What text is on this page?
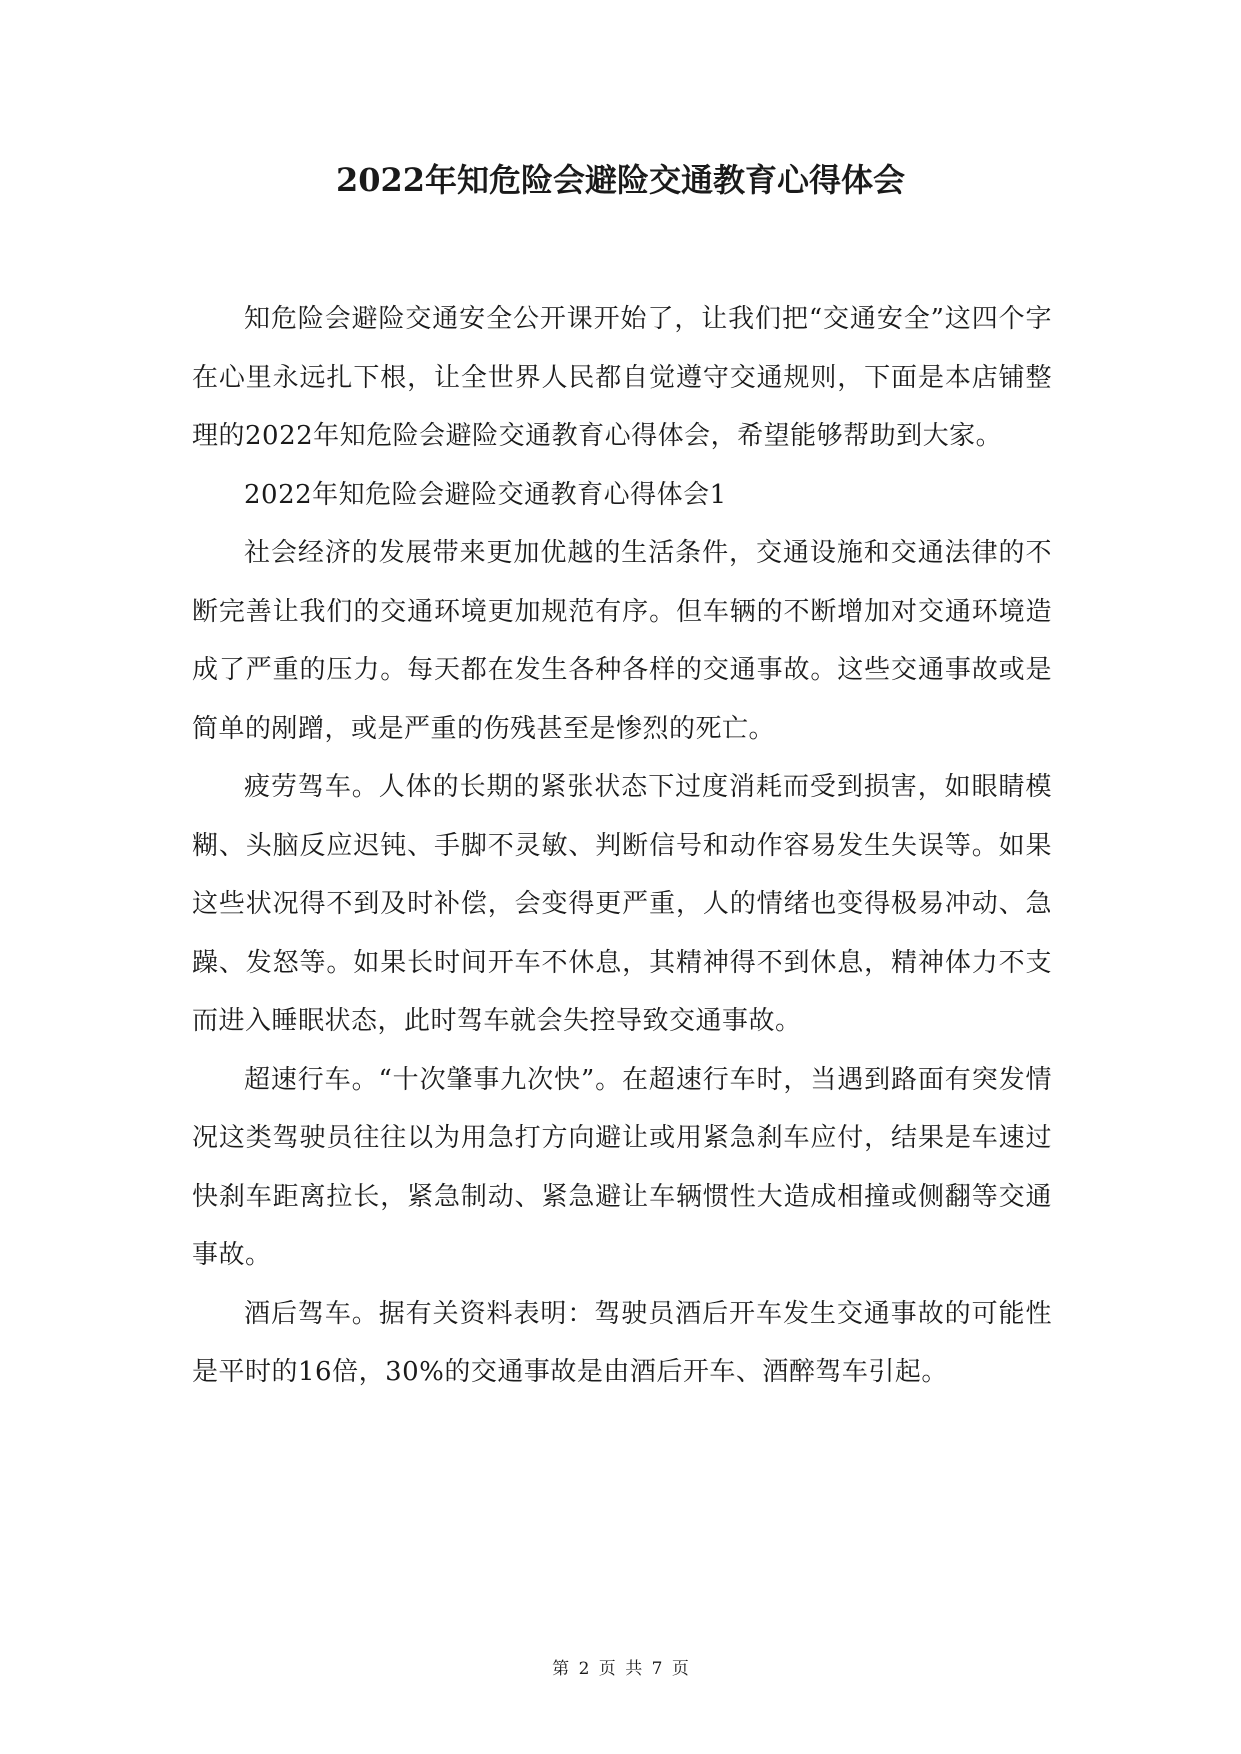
2022年知危险会避险交通教育心得体会

知危险会避险交通安全公开课开始了，让我们把“交通安全”这四个字在心里永远扎下根，让全世界人民都自觉遵守交通规则，下面是本店铺整理的2022年知危险会避险交通教育心得体会，希望能够帮助到大家。

2022年知危险会避险交通教育心得体会1

社会经济的发展带来更加优越的生活条件，交通设施和交通法律的不断完善让我们的交通环境更加规范有序。但车辆的不断增加对交通环境造成了严重的压力。每天都在发生各种各样的交通事故。这些交通事故或是简单的剐蹭，或是严重的伤残甚至是惨烈的死亡。

疲劳驾车。人体的长期的紧张状态下过度消耗而受到损害，如眼睛模糊、头脑反应迟钝、手脚不灵敏、判断信号和动作容易发生失误等。如果这些状况得不到及时补偿，会变得更严重，人的情绪也变得极易冲动、急躁、发怒等。如果长时间开车不休息，其精神得不到休息，精神体力不支而进入睡眠状态，此时驾车就会失控导致交通事故。

超速行车。“十次肇事九次快”。在超速行车时，当遇到路面有突发情况这类驾驶员往往以为用急打方向避让或用紧急刹车应付，结果是车速过快刹车距离拉长，紧急制动、紧急避让车辆惯性大造成相撞或侧翻等交通事故。

酒后驾车。据有关资料表明：驾驶员酒后开车发生交通事故的可能性是平时的16倍，30%的交通事故是由酒后开车、酒醉驾车引起。

第 2 页 共 7 页
